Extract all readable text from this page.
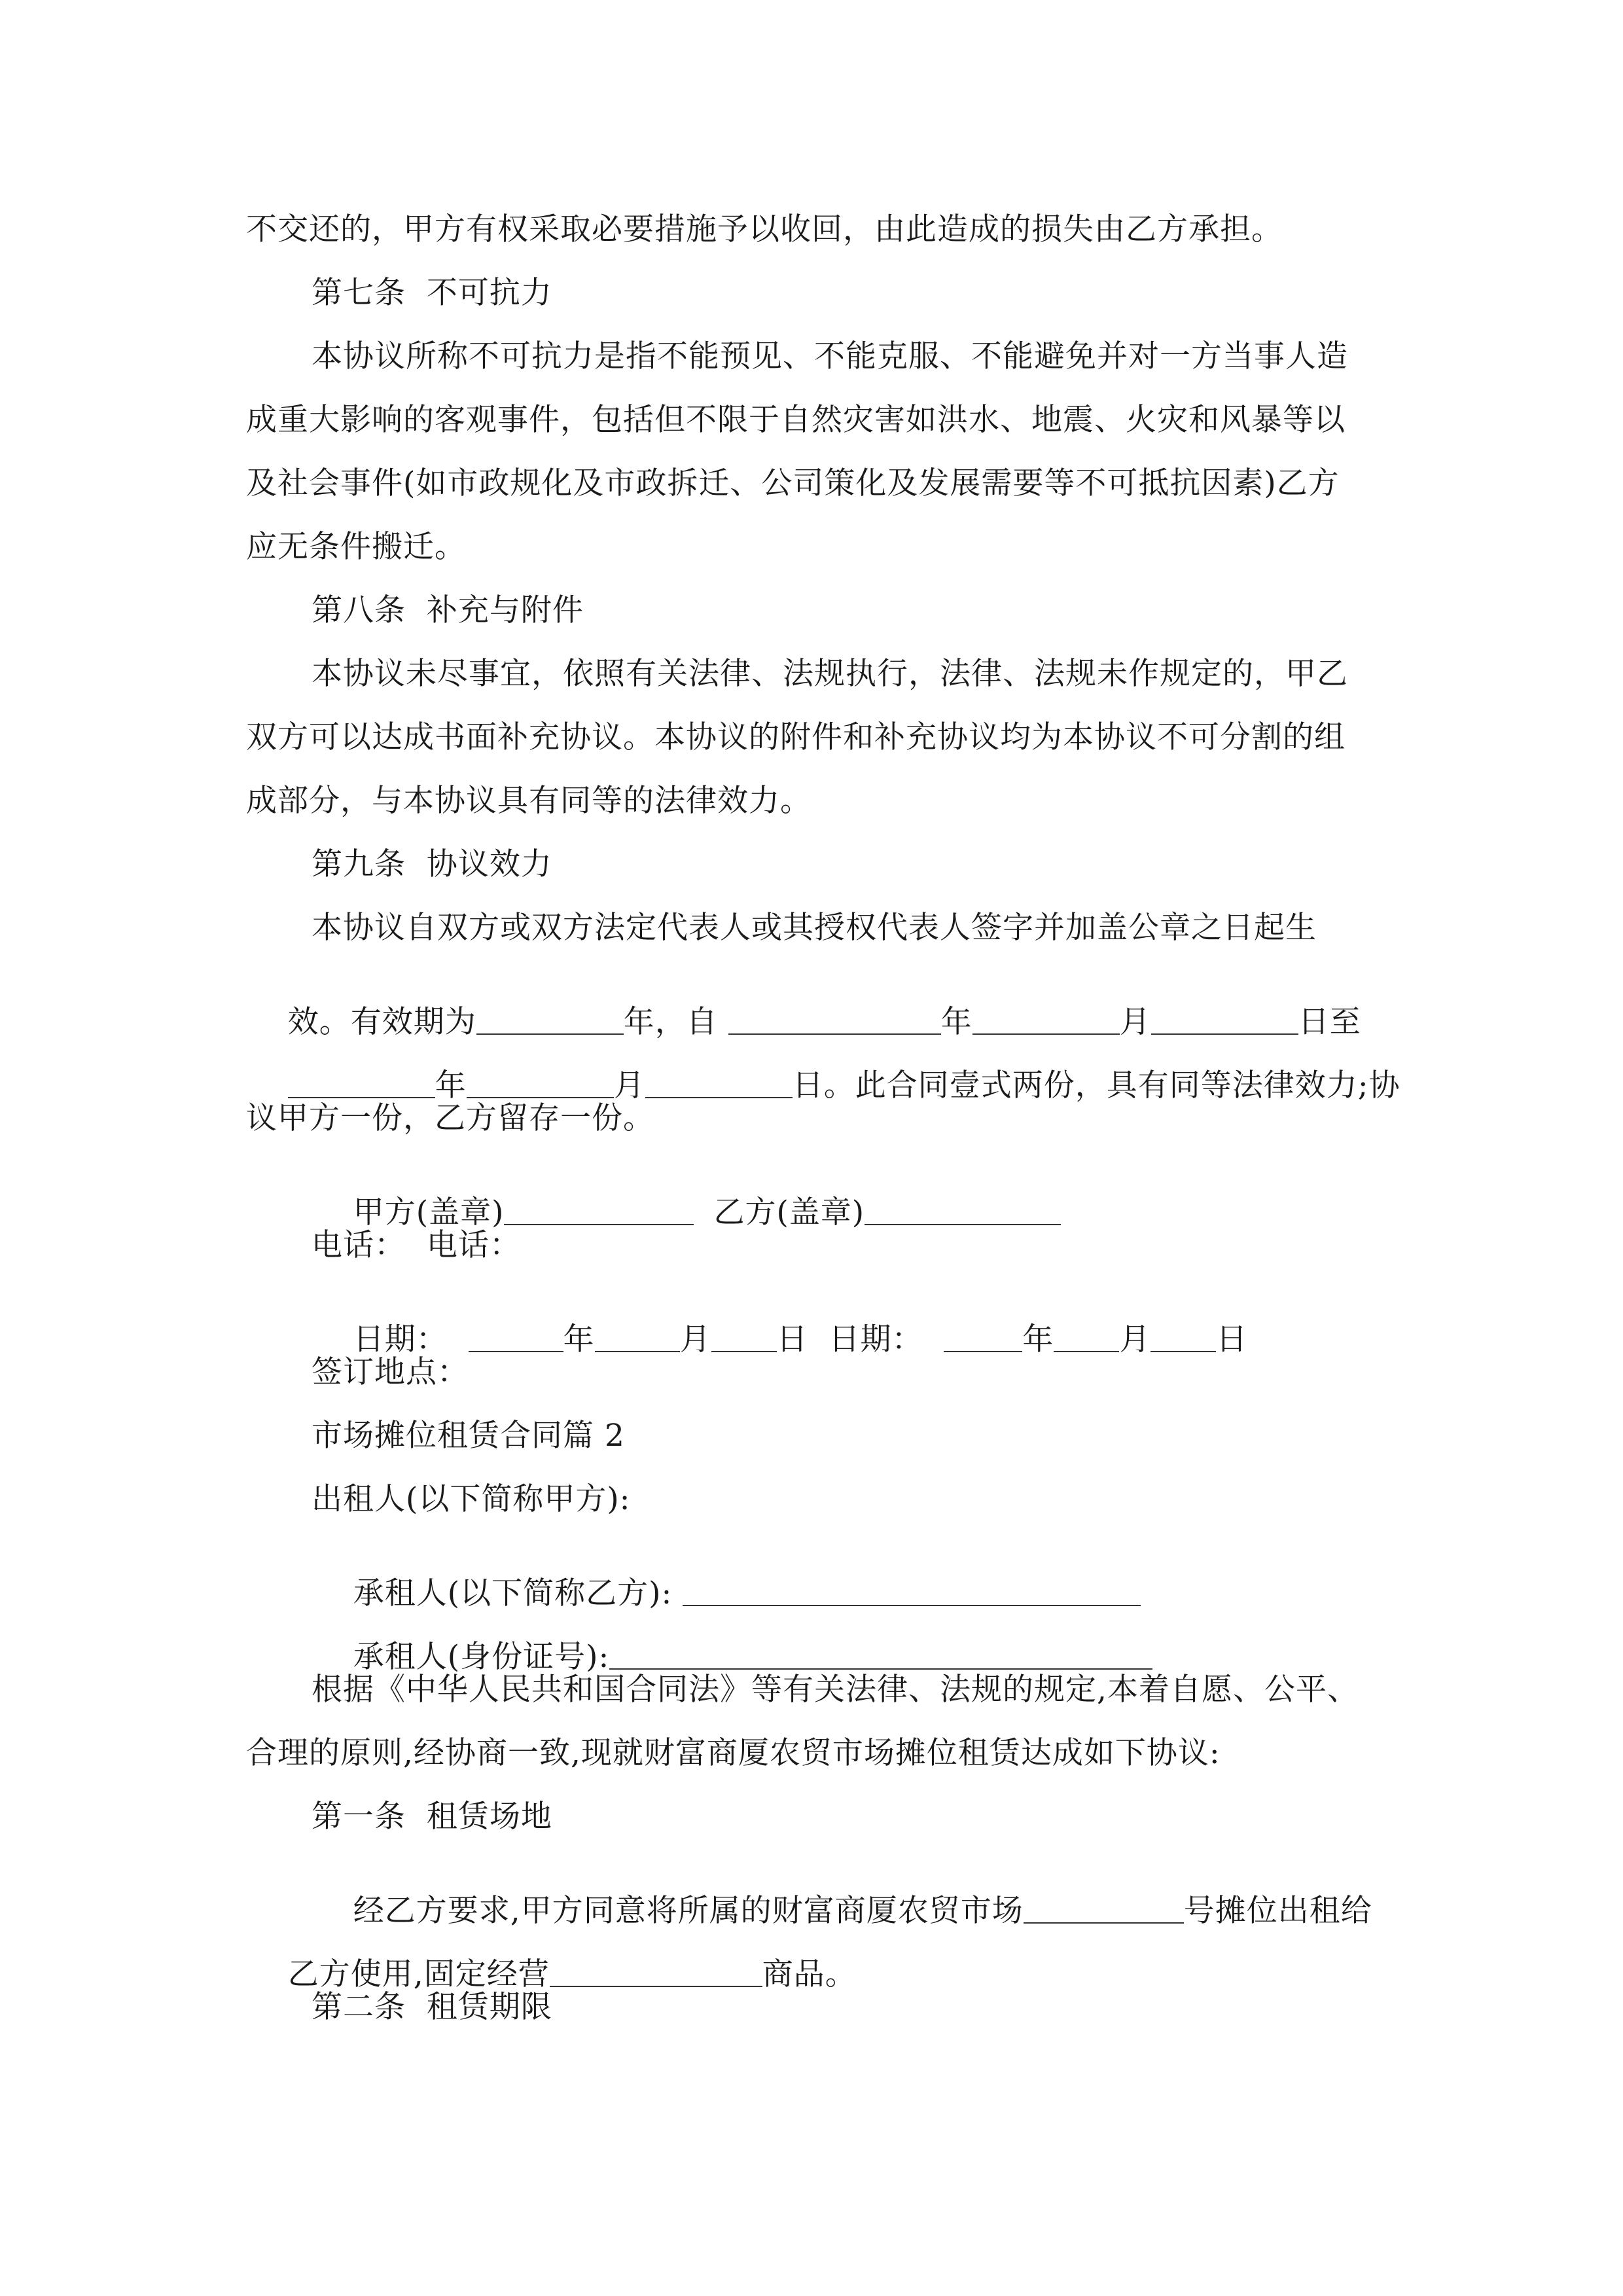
不交还的，甲方有权采取必要措施予以收回，由此造成的损失由乙方承担。
第七条  不可抗力
本协议所称不可抗力是指不能预见、不能克服、不能避免并对一方当事人造
成重大影响的客观事件，包括但不限于自然灾害如洪水、地震、火灾和风暴等以
及社会事件(如市政规化及市政拆迁、公司策化及发展需要等不可抵抗因素)乙方
应无条件搬迁。
第八条  补充与附件
本协议未尽事宜，依照有关法律、法规执行，法律、法规未作规定的，甲乙
双方可以达成书面补充协议。本协议的附件和补充协议均为本协议不可分割的组
成部分，与本协议具有同等的法律效力。
第九条  协议效力
本协议自双方或双方法定代表人或其授权代表人签字并加盖公章之日起生

效。有效期为	年，自	年	月	日至

年	月	日。此合同壹式两份，具有同等法律效力;协

议甲方一份，乙方留存一份。

甲方(盖章)	乙方(盖章)

电话：  电话：

日期：	年	月 日  日期：	年 月 日

签订地点：
市场摊位租赁合同篇 2
出租人(以下简称甲方):

承租人(以下简称乙方):

承租人(身份证号):

根据《中华人民共和国合同法》等有关法律、法规的规定,本着自愿、公平、
合理的原则,经协商一致,现就财富商厦农贸市场摊位租赁达成如下协议:
第一条  租赁场地

经乙方要求,甲方同意将所属的财富商厦农贸市场	号摊位出租给

乙方使用,固定经营	商品。

第二条  租赁期限
